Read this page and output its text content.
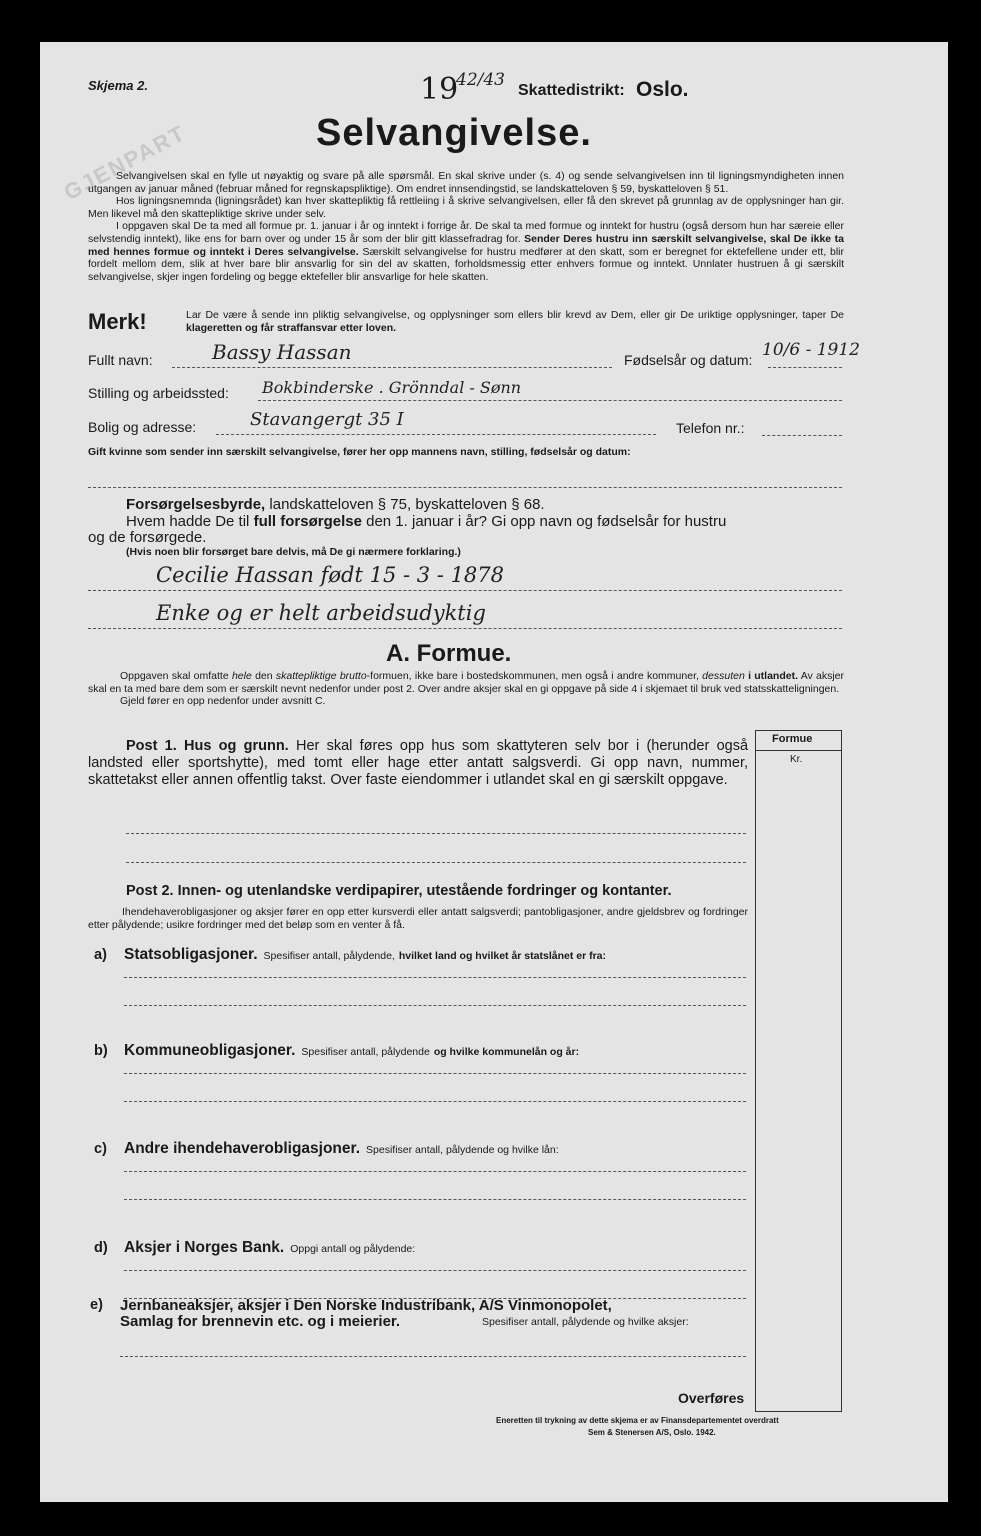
Skjema 2.
GJENPART
19
42/43
Skattedistrikt: Oslo.
Selvangivelse.

Selvangivelsen skal en fylle ut nøyaktig og svare på alle spørsmål. En skal skrive under (s. 4) og sende selvangivelsen inn til ligningsmyndigheten innen utgangen av januar måned (februar måned for regnskapspliktige). Om endret innsendingstid, se landskatteloven § 59, byskatteloven § 51.

Hos ligningsnemnda (ligningsrådet) kan hver skattepliktig få rettleiing i å skrive selvangivelsen, eller få den skrevet på grunnlag av de opplysninger han gir. Men likevel må den skattepliktige skrive under selv.

I oppgaven skal De ta med all formue pr. 1. januar i år og inntekt i forrige år. De skal ta med formue og inntekt for hustru (også dersom hun har særeie eller selvstendig inntekt), like ens for barn over og under 15 år som der blir gitt klassefradrag for. Sender Deres hustru inn særskilt selvangivelse, skal De ikke ta med hennes formue og inntekt i Deres selvangivelse. Særskilt selvangivelse for hustru medfører at den skatt, som er beregnet for ektefellene under ett, blir fordelt mellom dem, slik at hver bare blir ansvarlig for sin del av skatten, forholdsmessig etter enhvers formue og inntekt. Unnlater hustruen å gi særskilt selvangivelse, skjer ingen fordeling og begge ektefeller blir ansvarlige for hele skatten.

Merk!	Lar De være å sende inn pliktig selvangivelse, og opplysninger som ellers blir krevd av Dem, eller gir De uriktige opplysninger, taper De klageretten og får straffansvar etter loven.
Fullt navn:	Bassy Hassan	Fødselsår og datum: 10/6 - 1912
Stilling og arbeidssted: Bokbinderske . Grönndal - Sønn
Bolig og adresse:	Stavangergt 35 I	Telefon nr.:
Gift kvinne som sender inn særskilt selvangivelse, fører her opp mannens navn, stilling, fødselsår og datum:
Forsørgelsesbyrde, landskatteloven § 75, byskatteloven § 68.
Hvem hadde De til full forsørgelse den 1. januar i år? Gi opp navn og fødselsår for hustru
og de forsørgede.
(Hvis noen blir forsørget bare delvis, må De gi nærmere forklaring.)
Cecilie Hassan født 15 - 3 - 1878
Enke og er helt arbeidsudyktig
A. Formue.

Oppgaven skal omfatte hele den skattepliktige brutto-formuen, ikke bare i bostedskommunen, men også i andre kommuner, dessuten i utlandet. Av aksjer skal en ta med bare dem som er særskilt nevnt nedenfor under post 2. Over andre aksjer skal en gi oppgave på side 4 i skjemaet til bruk ved statsskatteligningen.

Gjeld fører en opp nedenfor under avsnitt C.

Formue
Kr.

Post 1. Hus og grunn. Her skal føres opp hus som skattyteren selv bor i (herunder også landsted eller sportshytte), med tomt eller hage etter antatt salgsverdi. Gi opp navn, nummer, skattetakst eller annen offentlig takst. Over faste eiendommer i utlandet skal en gi særskilt oppgave.

Post 2. Innen- og utenlandske verdipapirer, utestående fordringer og kontanter.

Ihendehaverobligasjoner og aksjer fører en opp etter kursverdi eller antatt salgsverdi; pantobligasjoner, andre gjeldsbrev og fordringer etter pålydende; usikre fordringer med det beløp som en venter å få.

a) Statsobligasjoner. Spesifiser antall, pålydende, hvilket land og hvilket år statslånet er fra:
b) Kommuneobligasjoner. Spesifiser antall, pålydende og hvilke kommunelån og år:
c) Andre ihendehaverobligasjoner. Spesifiser antall, pålydende og hvilke lån:
d) Aksjer i Norges Bank. Oppgi antall og pålydende:
e) Jernbaneaksjer, aksjer i Den Norske Industribank, A/S Vinmonopolet,
Samlag for brennevin etc. og i meierier.	Spesifiser antall, pålydende og hvilke aksjer:
Overføres
Eneretten til trykning av dette skjema er av Finansdepartementet overdratt
Sem & Stenersen A/S, Oslo. 1942.
